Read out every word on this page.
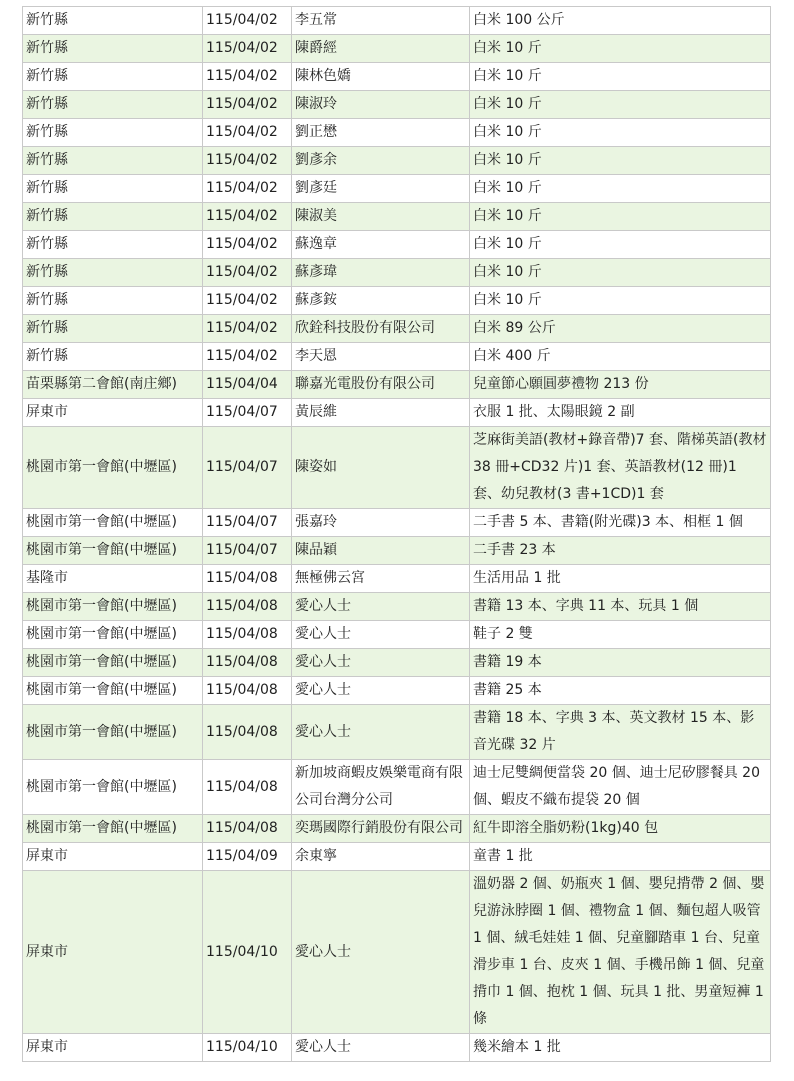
新竹縣	115/04/02	李五常	白米 100 公斤
新竹縣	115/04/02	陳爵經	白米 10 斤
新竹縣	115/04/02	陳林色嬌	白米 10 斤
新竹縣	115/04/02	陳淑玲	白米 10 斤
新竹縣	115/04/02	劉正懋	白米 10 斤
新竹縣	115/04/02	劉彥余	白米 10 斤
新竹縣	115/04/02	劉彥廷	白米 10 斤
新竹縣	115/04/02	陳淑美	白米 10 斤
新竹縣	115/04/02	蘇逸章	白米 10 斤
新竹縣	115/04/02	蘇彥瑋	白米 10 斤
新竹縣	115/04/02	蘇彥銨	白米 10 斤
新竹縣	115/04/02	欣銓科技股份有限公司	白米 89 公斤
新竹縣	115/04/02	李天恩	白米 400 斤
苗栗縣第二會館(南庄鄉)	115/04/04	聯嘉光電股份有限公司	兒童節心願圓夢禮物 213 份
屏東市	115/04/07	黃辰維	衣服 1 批、太陽眼鏡 2 副
桃園市第一會館(中壢區)	115/04/07	陳姿如	芝麻街美語(教材+錄音帶)7 套、階梯英語(教材 38 冊+CD32 片)1 套、英語教材(12 冊)1 套、幼兒教材(3 書+1CD)1 套
桃園市第一會館(中壢區)	115/04/07	張嘉玲	二手書 5 本、書籍(附光碟)3 本、相框 1 個
桃園市第一會館(中壢區)	115/04/07	陳品穎	二手書 23 本
基隆市	115/04/08	無極佛云宮	生活用品 1 批
桃園市第一會館(中壢區)	115/04/08	愛心人士	書籍 13 本、字典 11 本、玩具 1 個
桃園市第一會館(中壢區)	115/04/08	愛心人士	鞋子 2 雙
桃園市第一會館(中壢區)	115/04/08	愛心人士	書籍 19 本
桃園市第一會館(中壢區)	115/04/08	愛心人士	書籍 25 本
桃園市第一會館(中壢區)	115/04/08	愛心人士	書籍 18 本、字典 3 本、英文教材 15 本、影音光碟 32 片
桃園市第一會館(中壢區)	115/04/08	新加坡商蝦皮娛樂電商有限公司台灣分公司	迪士尼雙綢便當袋 20 個、迪士尼矽膠餐具 20 個、蝦皮不織布提袋 20 個
桃園市第一會館(中壢區)	115/04/08	奕瑪國際行銷股份有限公司	紅牛即溶全脂奶粉(1kg)40 包
屏東市	115/04/09	余東寧	童書 1 批
屏東市	115/04/10	愛心人士	溫奶器 2 個、奶瓶夾 1 個、嬰兒揹帶 2 個、嬰兒游泳脖圈 1 個、禮物盒 1 個、麵包超人吸管 1 個、絨毛娃娃 1 個、兒童腳踏車 1 台、兒童滑步車 1 台、皮夾 1 個、手機吊飾 1 個、兒童揹巾 1 個、抱枕 1 個、玩具 1 批、男童短褲 1 條
屏東市	115/04/10	愛心人士	幾米繪本 1 批
